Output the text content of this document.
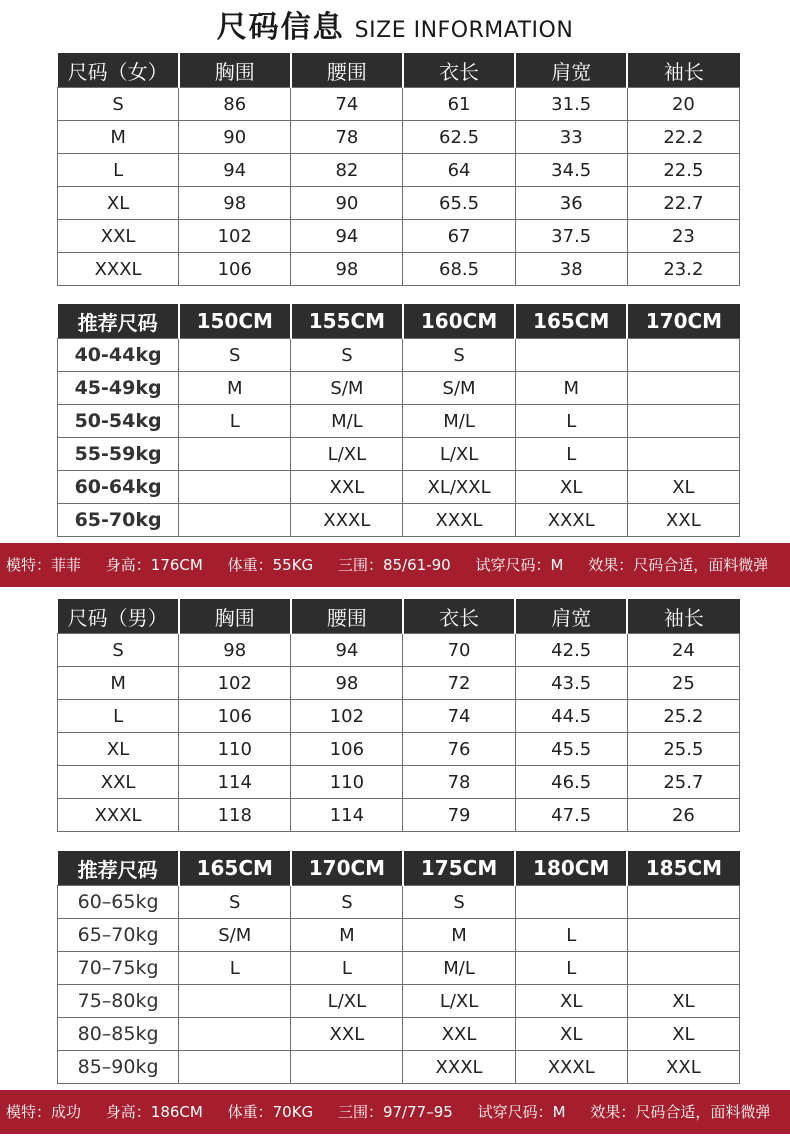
尺码信息 SIZE INFORMATION
尺码（女）	胸围	腰围	衣长	肩宽	袖长
S	86	74	61	31.5	20
M	90	78	62.5	33	22.2
L	94	82	64	34.5	22.5
XL	98	90	65.5	36	22.7
XXL	102	94	67	37.5	23
XXXL	106	98	68.5	38	23.2
推荐尺码	150CM	155CM	160CM	165CM	170CM
40-44kg	S	S	S		
45-49kg	M	S/M	S/M	M	
50-54kg	L	M/L	M/L	L	
55-59kg		L/XL	L/XL	L	
60-64kg		XXL	XL/XXL	XL	XL
65-70kg		XXXL	XXXL	XXXL	XXL
模特：菲菲 身高：176CM 体重：55KG 三围：85/61-90 试穿尺码：M 效果：尺码合适，面料微弹
尺码（男）	胸围	腰围	衣长	肩宽	袖长
S	98	94	70	42.5	24
M	102	98	72	43.5	25
L	106	102	74	44.5	25.2
XL	110	106	76	45.5	25.5
XXL	114	110	78	46.5	25.7
XXXL	118	114	79	47.5	26
推荐尺码	165CM	170CM	175CM	180CM	185CM
60–65kg	S	S	S		
65–70kg	S/M	M	M	L	
70–75kg	L	L	M/L	L	
75–80kg		L/XL	L/XL	XL	XL
80–85kg		XXL	XXL	XL	XL
85–90kg			XXXL	XXXL	XXL
模特：成功 身高：186CM 体重：70KG 三围：97/77–95 试穿尺码：M 效果：尺码合适，面料微弹
